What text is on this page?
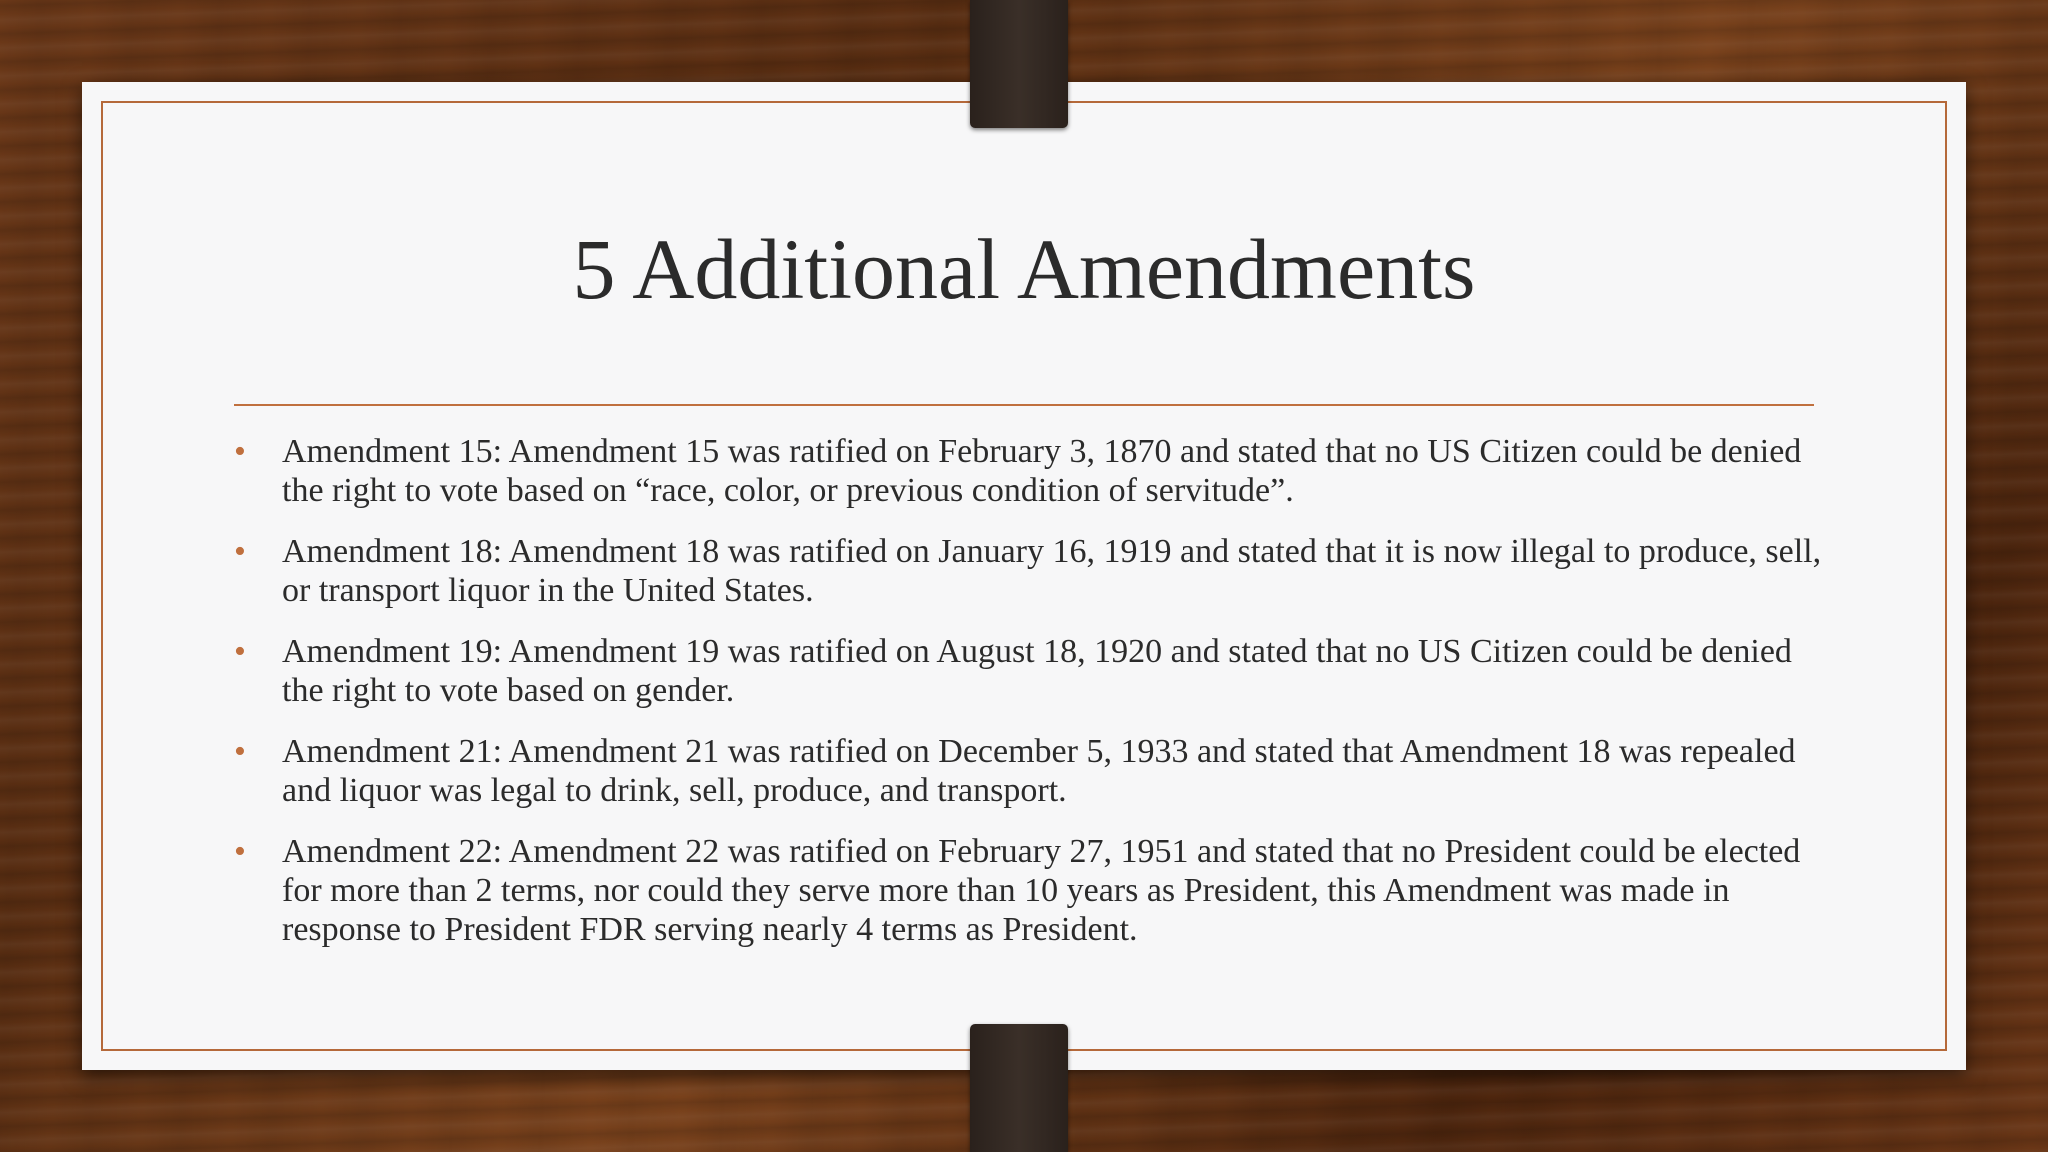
5 Additional Amendments
• Amendment 15: Amendment 15 was ratified on February 3, 1870 and stated that no US Citizen could be denied the right to vote based on “race, color, or previous condition of servitude”.
• Amendment 18: Amendment 18 was ratified on January 16, 1919 and stated that it is now illegal to produce, sell, or transport liquor in the United States.
• Amendment 19: Amendment 19 was ratified on August 18, 1920 and stated that no US Citizen could be denied the right to vote based on gender.
• Amendment 21: Amendment 21 was ratified on December 5, 1933 and stated that Amendment 18 was repealed and liquor was legal to drink, sell, produce, and transport.
• Amendment 22: Amendment 22 was ratified on February 27, 1951 and stated that no President could be elected for more than 2 terms, nor could they serve more than 10 years as President, this Amendment was made in response to President FDR serving nearly 4 terms as President.
